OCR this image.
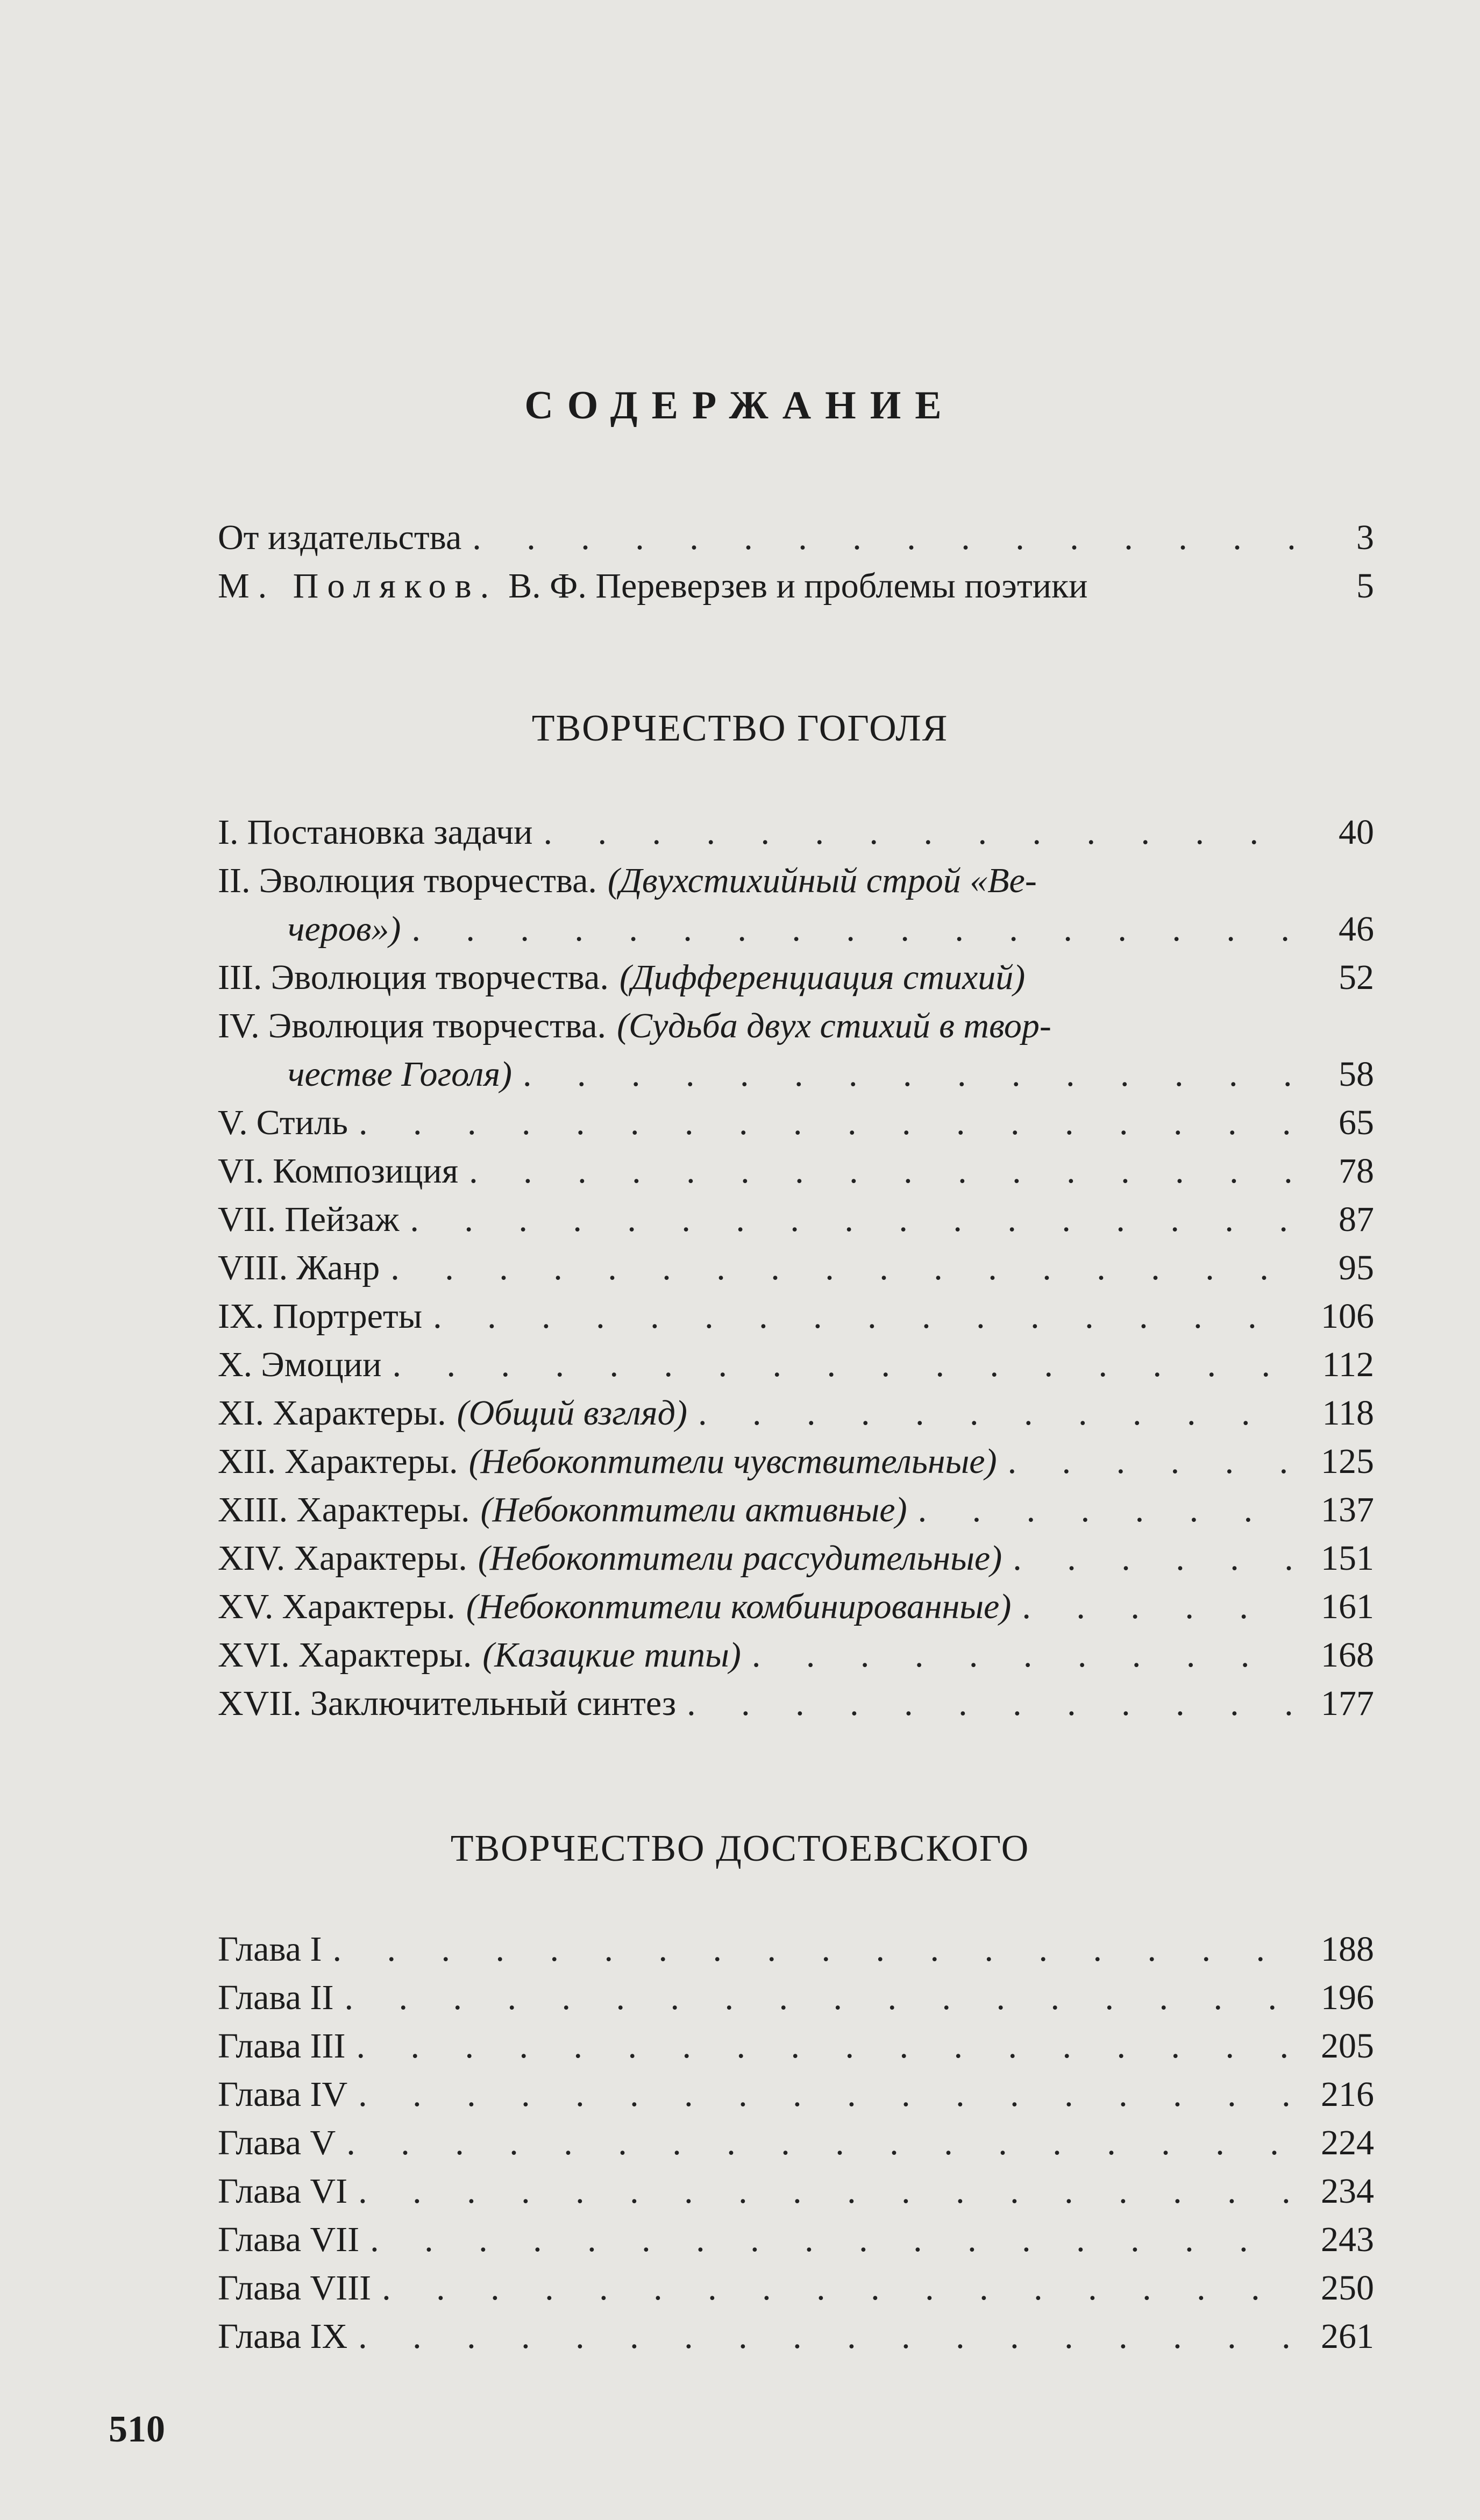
СОДЕРЖАНИЕ
От издательства . . .	3
М. Поляков. В. Ф. Переверзев и проблемы поэтики	5
ТВОРЧЕСТВО ГОГОЛЯ
I. Постановка задачи . . .	40
II. Эволюция творчества. (Двухстихийный строй «Ве-
черов») . . .	46
III. Эволюция творчества. (Дифференциация стихий)	52
IV. Эволюция творчества. (Судьба двух стихий в твор-
честве Гоголя) . . .	58
V. Стиль . . .	65
VI. Композиция . . .	78
VII. Пейзаж . . .	87
VIII. Жанр . . .	95
IX. Портреты . . .	106
X. Эмоции . . .	112
XI. Характеры. (Общий взгляд) . . .	118
XII. Характеры. (Небокоптители чувствительные) . . .	125
XIII. Характеры. (Небокоптители активные) . . .	137
XIV. Характеры. (Небокоптители рассудительные) . . .	151
XV. Характеры. (Небокоптители комбинированные) . . .	161
XVI. Характеры. (Казацкие типы) . . .	168
XVII. Заключительный синтез . . .	177
ТВОРЧЕСТВО ДОСТОЕВСКОГО
Глава I . . .	188
Глава II . . .	196
Глава III . . .	205
Глава IV . . .	216
Глава V . . .	224
Глава VI . . .	234
Глава VII . . .	243
Глава VIII . . .	250
Глава IX . . .	261
510
